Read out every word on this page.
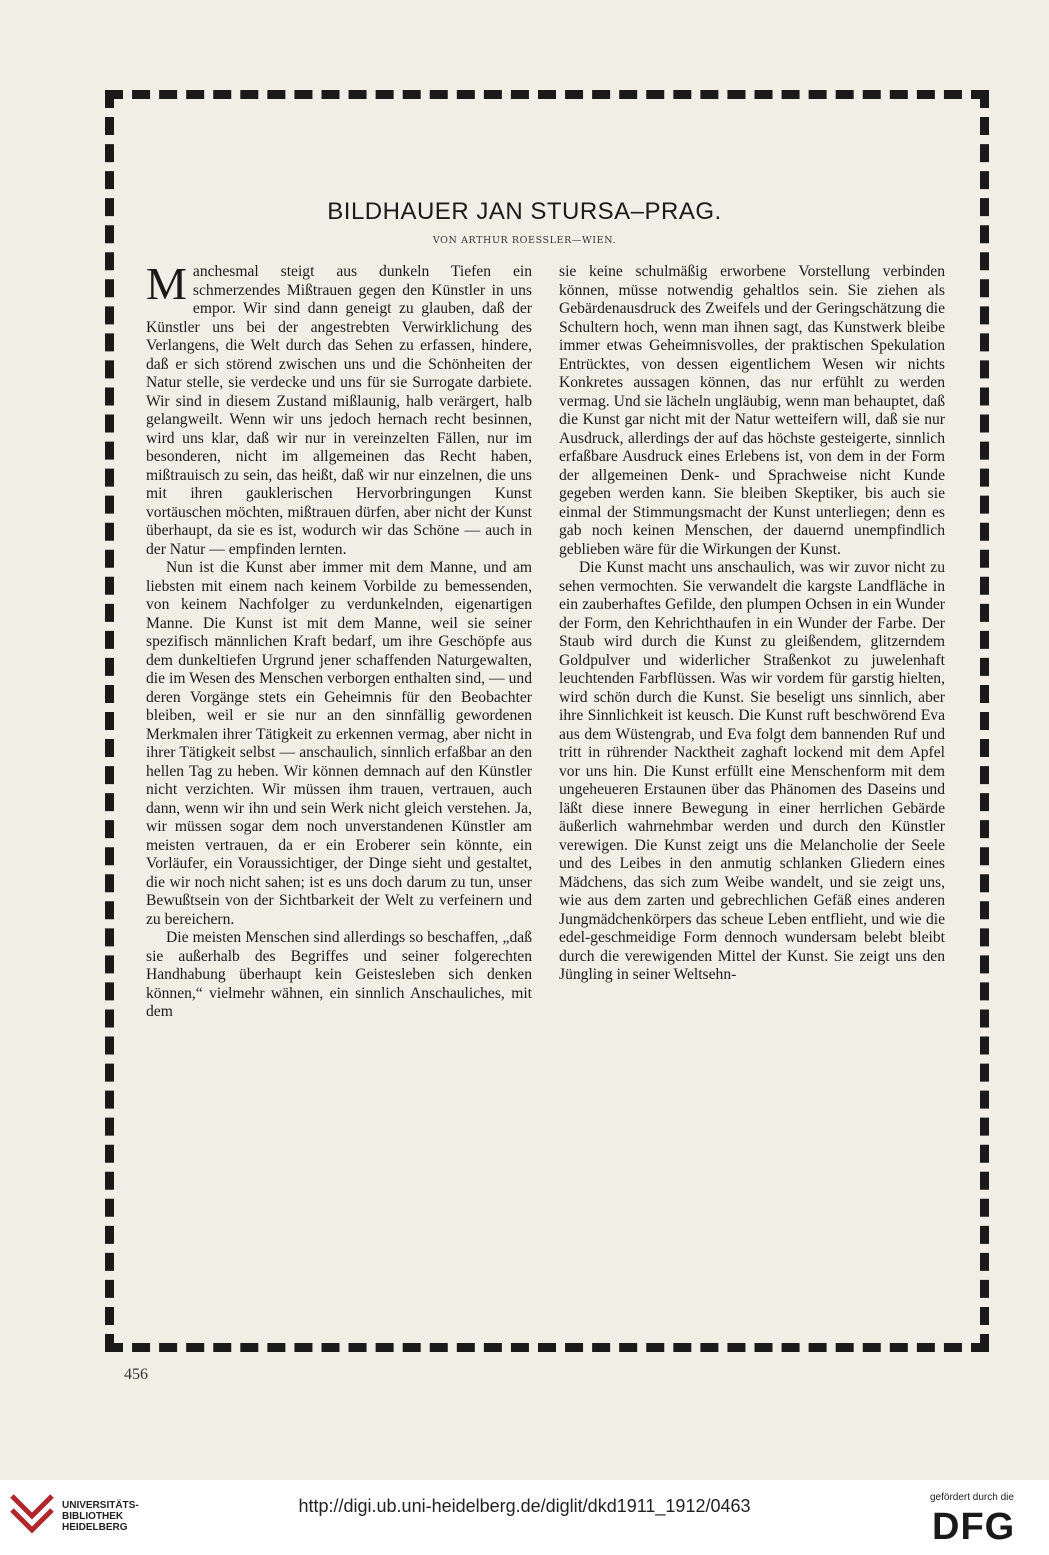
BILDHAUER JAN STURSA–PRAG.
VON ARTHUR ROESSLER—WIEN.

Manchesmal steigt aus dunkeln Tiefen ein schmerzendes Mißtrauen gegen den Künstler in uns empor. Wir sind dann geneigt zu glauben, daß der Künstler uns bei der angestrebten Verwirklichung des Verlangens, die Welt durch das Sehen zu erfassen, hindere, daß er sich störend zwischen uns und die Schönheiten der Natur stelle, sie verdecke und uns für sie Surrogate darbiete. Wir sind in diesem Zustand mißlaunig, halb verärgert, halb gelangweilt. Wenn wir uns jedoch hernach recht besinnen, wird uns klar, daß wir nur in vereinzelten Fällen, nur im besonderen, nicht im allgemeinen das Recht haben, mißtrauisch zu sein, das heißt, daß wir nur einzelnen, die uns mit ihren gauklerischen Hervorbringungen Kunst vortäuschen möchten, mißtrauen dürfen, aber nicht der Kunst überhaupt, da sie es ist, wodurch wir das Schöne — auch in der Natur — empfinden lernten.

Nun ist die Kunst aber immer mit dem Manne, und am liebsten mit einem nach keinem Vorbilde zu bemessenden, von keinem Nachfolger zu verdunkelnden, eigenartigen Manne. Die Kunst ist mit dem Manne, weil sie seiner spezifisch männlichen Kraft bedarf, um ihre Geschöpfe aus dem dunkeltiefen Urgrund jener schaffenden Naturgewalten, die im Wesen des Menschen verborgen enthalten sind, — und deren Vorgänge stets ein Geheimnis für den Beobachter bleiben, weil er sie nur an den sinnfällig gewordenen Merkmalen ihrer Tätigkeit zu erkennen vermag, aber nicht in ihrer Tätigkeit selbst — anschaulich, sinnlich erfaßbar an den hellen Tag zu heben. Wir können demnach auf den Künstler nicht verzichten. Wir müssen ihm trauen, vertrauen, auch dann, wenn wir ihn und sein Werk nicht gleich verstehen. Ja, wir müssen sogar dem noch unverstandenen Künstler am meisten vertrauen, da er ein Eroberer sein könnte, ein Vorläufer, ein Voraussichtiger, der Dinge sieht und gestaltet, die wir noch nicht sahen; ist es uns doch darum zu tun, unser Bewußtsein von der Sichtbarkeit der Welt zu verfeinern und zu bereichern.

Die meisten Menschen sind allerdings so beschaffen, „daß sie außerhalb des Begriffes und seiner folgerechten Handhabung überhaupt kein Geistesleben sich denken können,“ vielmehr wähnen, ein sinnlich Anschauliches, mit dem

sie keine schulmäßig erworbene Vorstellung verbinden können, müsse notwendig gehaltlos sein. Sie ziehen als Gebärdenausdruck des Zweifels und der Geringschätzung die Schultern hoch, wenn man ihnen sagt, das Kunstwerk bleibe immer etwas Geheimnisvolles, der praktischen Spekulation Entrücktes, von dessen eigentlichem Wesen wir nichts Konkretes aussagen können, das nur erfühlt zu werden vermag. Und sie lächeln ungläubig, wenn man behauptet, daß die Kunst gar nicht mit der Natur wetteifern will, daß sie nur Ausdruck, allerdings der auf das höchste gesteigerte, sinnlich erfaßbare Ausdruck eines Erlebens ist, von dem in der Form der allgemeinen Denk- und Sprachweise nicht Kunde gegeben werden kann. Sie bleiben Skeptiker, bis auch sie einmal der Stimmungsmacht der Kunst unterliegen; denn es gab noch keinen Menschen, der dauernd unempfindlich geblieben wäre für die Wirkungen der Kunst.

Die Kunst macht uns anschaulich, was wir zuvor nicht zu sehen vermochten. Sie verwandelt die kargste Landfläche in ein zauberhaftes Gefilde, den plumpen Ochsen in ein Wunder der Form, den Kehrichthaufen in ein Wunder der Farbe. Der Staub wird durch die Kunst zu gleißendem, glitzerndem Goldpulver und widerlicher Straßenkot zu juwelenhaft leuchtenden Farbflüssen. Was wir vordem für garstig hielten, wird schön durch die Kunst. Sie beseligt uns sinnlich, aber ihre Sinnlichkeit ist keusch. Die Kunst ruft beschwörend Eva aus dem Wüstengrab, und Eva folgt dem bannenden Ruf und tritt in rührender Nacktheit zaghaft lockend mit dem Apfel vor uns hin. Die Kunst erfüllt eine Menschenform mit dem ungeheueren Erstaunen über das Phänomen des Daseins und läßt diese innere Bewegung in einer herrlichen Gebärde äußerlich wahrnehmbar werden und durch den Künstler verewigen. Die Kunst zeigt uns die Melancholie der Seele und des Leibes in den anmutig schlanken Gliedern eines Mädchens, das sich zum Weibe wandelt, und sie zeigt uns, wie aus dem zarten und gebrechlichen Gefäß eines anderen Jungmädchenkörpers das scheue Leben entflieht, und wie die edel-geschmeidige Form dennoch wundersam belebt bleibt durch die verewigenden Mittel der Kunst. Sie zeigt uns den Jüngling in seiner Weltsehn-

456
UNIVERSITÄTS-
BIBLIOTHEK
HEIDELBERG
http://digi.ub.uni-heidelberg.de/diglit/dkd1911_1912/0463	gefördert durch die
DFG
